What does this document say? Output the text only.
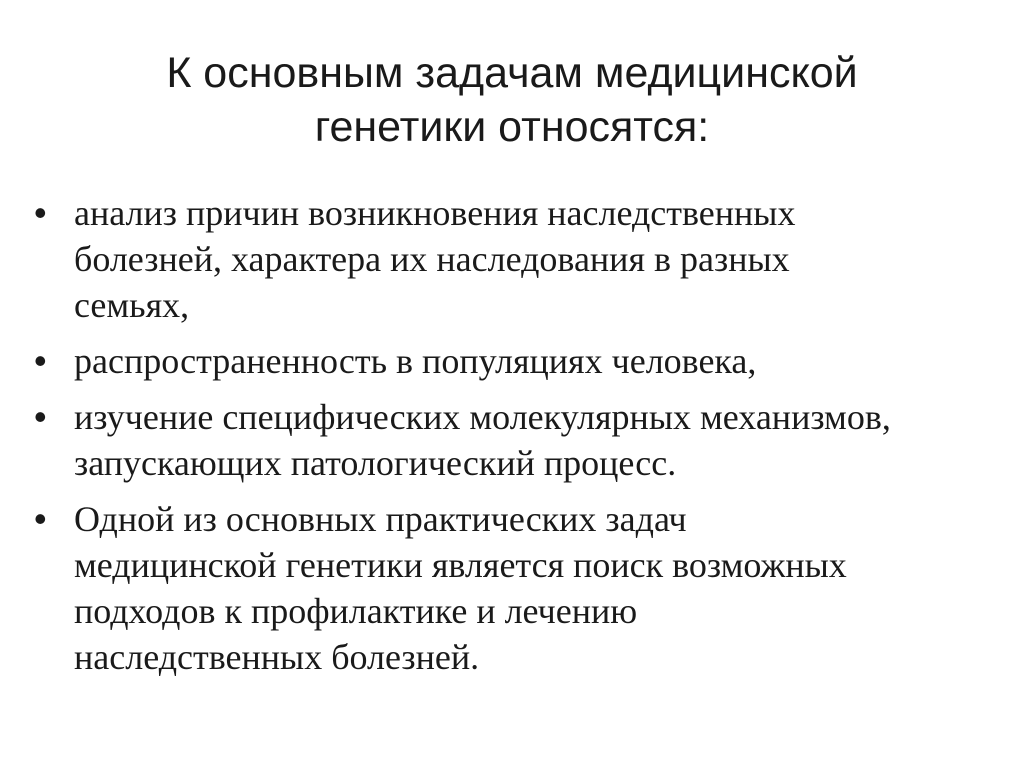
К основным задачам медицинской
генетики относятся:
• анализ причин возникновения наследственных
болезней, характера их наследования в разных
семьях,
• распространенность в популяциях человека,
• изучение специфических молекулярных механизмов,
запускающих патологический процесс.
• Одной из основных практических задач
медицинской генетики является поиск возможных
подходов к профилактике и лечению
наследственных болезней.
